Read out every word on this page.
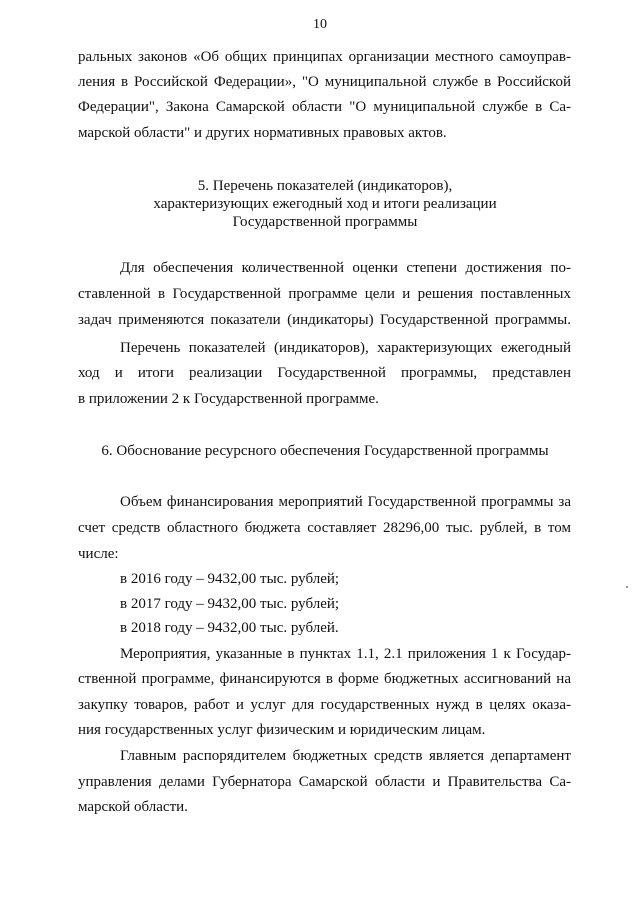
10
ральных законов «Об общих принципах организации местного самоуправ-
ления в Российской Федерации», "О муниципальной службе в Российской
Федерации", Закона Самарской области "О муниципальной службе в Са-
марской области" и других нормативных правовых актов.
5. Перечень показателей (индикаторов),
характеризующих ежегодный ход и итоги реализации
Государственной программы
Для обеспечения количественной оценки степени достижения по-
ставленной в Государственной программе цели и решения поставленных
задач применяются показатели (индикаторы) Государственной программы.
Перечень показателей (индикаторов), характеризующих ежегодный
ход и итоги реализации Государственной программы, представлен
в приложении 2 к Государственной программе.
6. Обоснование ресурсного обеспечения Государственной программы
Объем финансирования мероприятий Государственной программы за
счет средств областного бюджета составляет 28296,00 тыс. рублей, в том
числе:
в 2016 году – 9432,00 тыс. рублей;
в 2017 году – 9432,00 тыс. рублей;
в 2018 году – 9432,00 тыс. рублей.
Мероприятия, указанные в пунктах 1.1, 2.1 приложения 1 к Государ-
ственной программе, финансируются в форме бюджетных ассигнований на
закупку товаров, работ и услуг для государственных нужд в целях оказа-
ния государственных услуг физическим и юридическим лицам.
Главным распорядителем бюджетных средств является департамент
управления делами Губернатора Самарской области и Правительства Са-
марской области.
